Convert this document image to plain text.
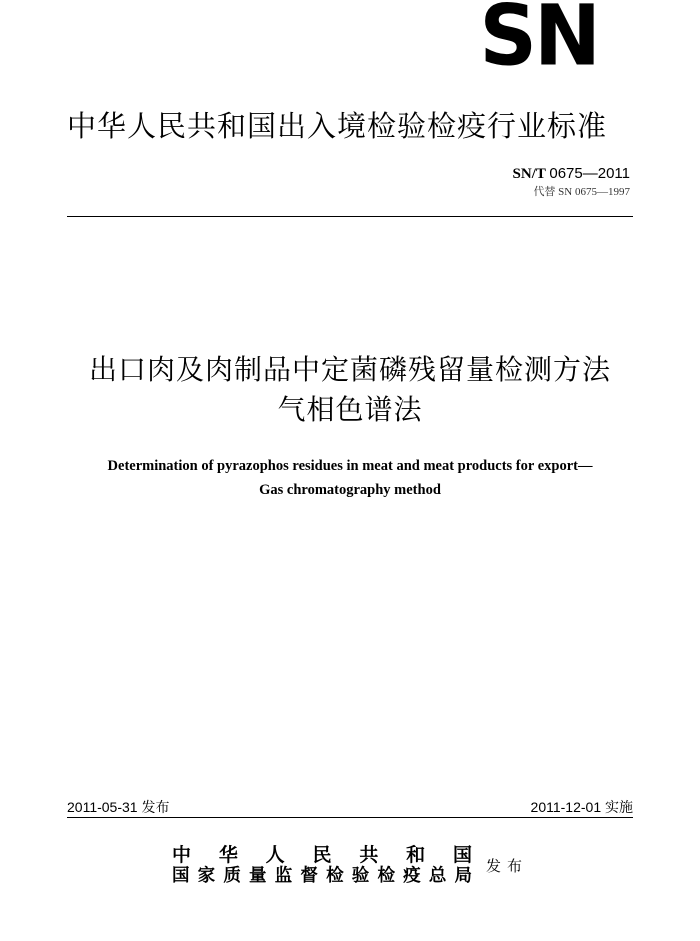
SN
中华人民共和国出入境检验检疫行业标准
SN/T 0675—2011
代替 SN 0675—1997
出口肉及肉制品中定菌磷残留量检测方法
气相色谱法
Determination of pyrazophos residues in meat and meat products for export—
Gas chromatography method
2011-05-31 发布	2011-12-01 实施
中华人民共和国
国家质量监督检验检疫总局 发布
